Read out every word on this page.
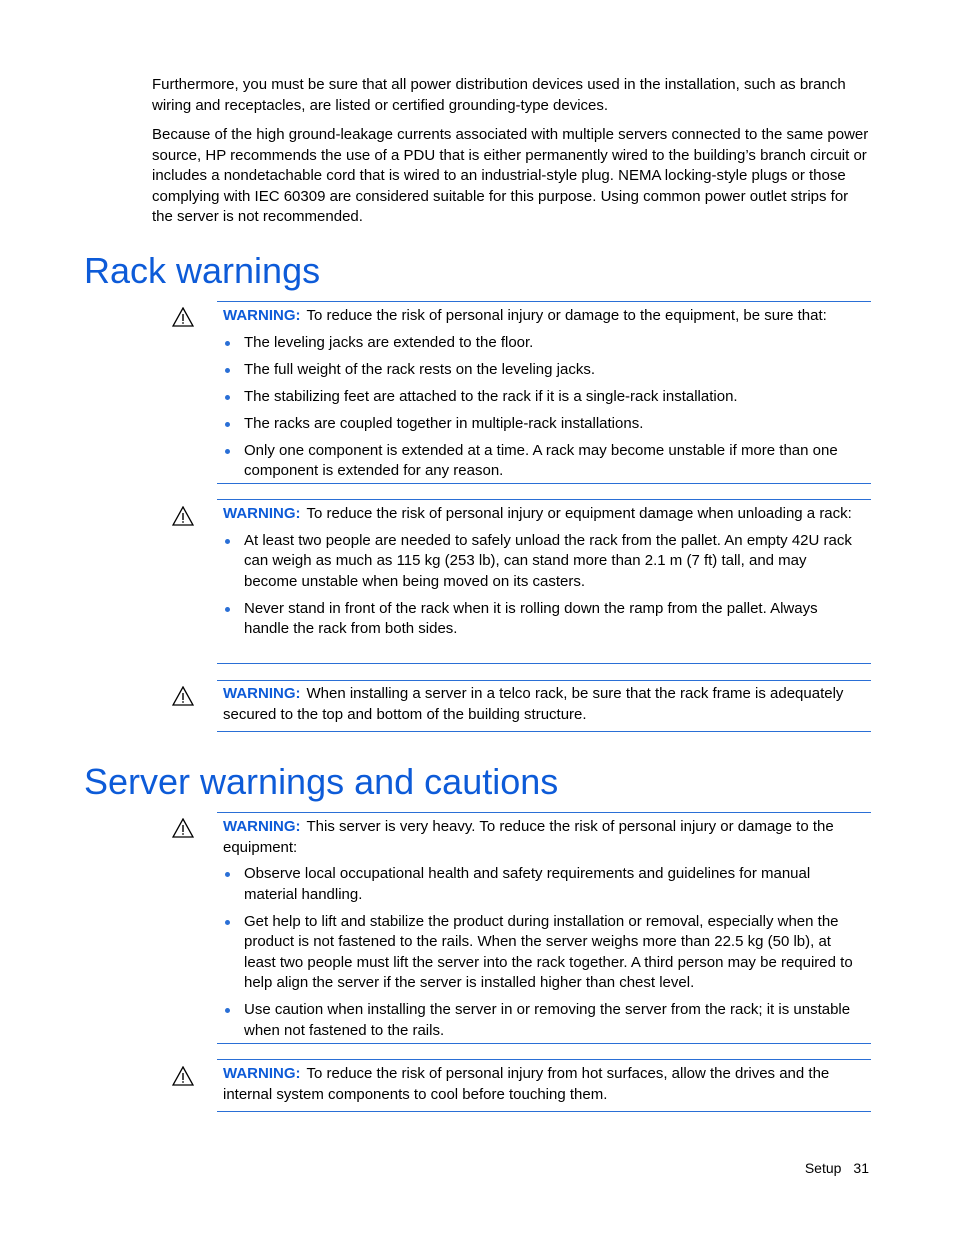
Furthermore, you must be sure that all power distribution devices used in the installation, such as branch wiring and receptacles, are listed or certified grounding-type devices.

Because of the high ground-leakage currents associated with multiple servers connected to the same power source, HP recommends the use of a PDU that is either permanently wired to the building’s branch circuit or includes a nondetachable cord that is wired to an industrial-style plug. NEMA locking-style plugs or those complying with IEC 60309 are considered suitable for this purpose. Using common power outlet strips for the server is not recommended.

Rack warnings

WARNING: To reduce the risk of personal injury or damage to the equipment, be sure that:

The leveling jacks are extended to the floor.
The full weight of the rack rests on the leveling jacks.
The stabilizing feet are attached to the rack if it is a single-rack installation.
The racks are coupled together in multiple-rack installations.
Only one component is extended at a time. A rack may become unstable if more than one component is extended for any reason.

WARNING: To reduce the risk of personal injury or equipment damage when unloading a rack:

At least two people are needed to safely unload the rack from the pallet. An empty 42U rack can weigh as much as 115 kg (253 lb), can stand more than 2.1 m (7 ft) tall, and may become unstable when being moved on its casters.
Never stand in front of the rack when it is rolling down the ramp from the pallet. Always handle the rack from both sides.

WARNING: When installing a server in a telco rack, be sure that the rack frame is adequately secured to the top and bottom of the building structure.

Server warnings and cautions

WARNING: This server is very heavy. To reduce the risk of personal injury or damage to the equipment:

Observe local occupational health and safety requirements and guidelines for manual material handling.
Get help to lift and stabilize the product during installation or removal, especially when the product is not fastened to the rails. When the server weighs more than 22.5 kg (50 lb), at least two people must lift the server into the rack together. A third person may be required to help align the server if the server is installed higher than chest level.
Use caution when installing the server in or removing the server from the rack; it is unstable when not fastened to the rails.

WARNING: To reduce the risk of personal injury from hot surfaces, allow the drives and the internal system components to cool before touching them.

Setup 31
